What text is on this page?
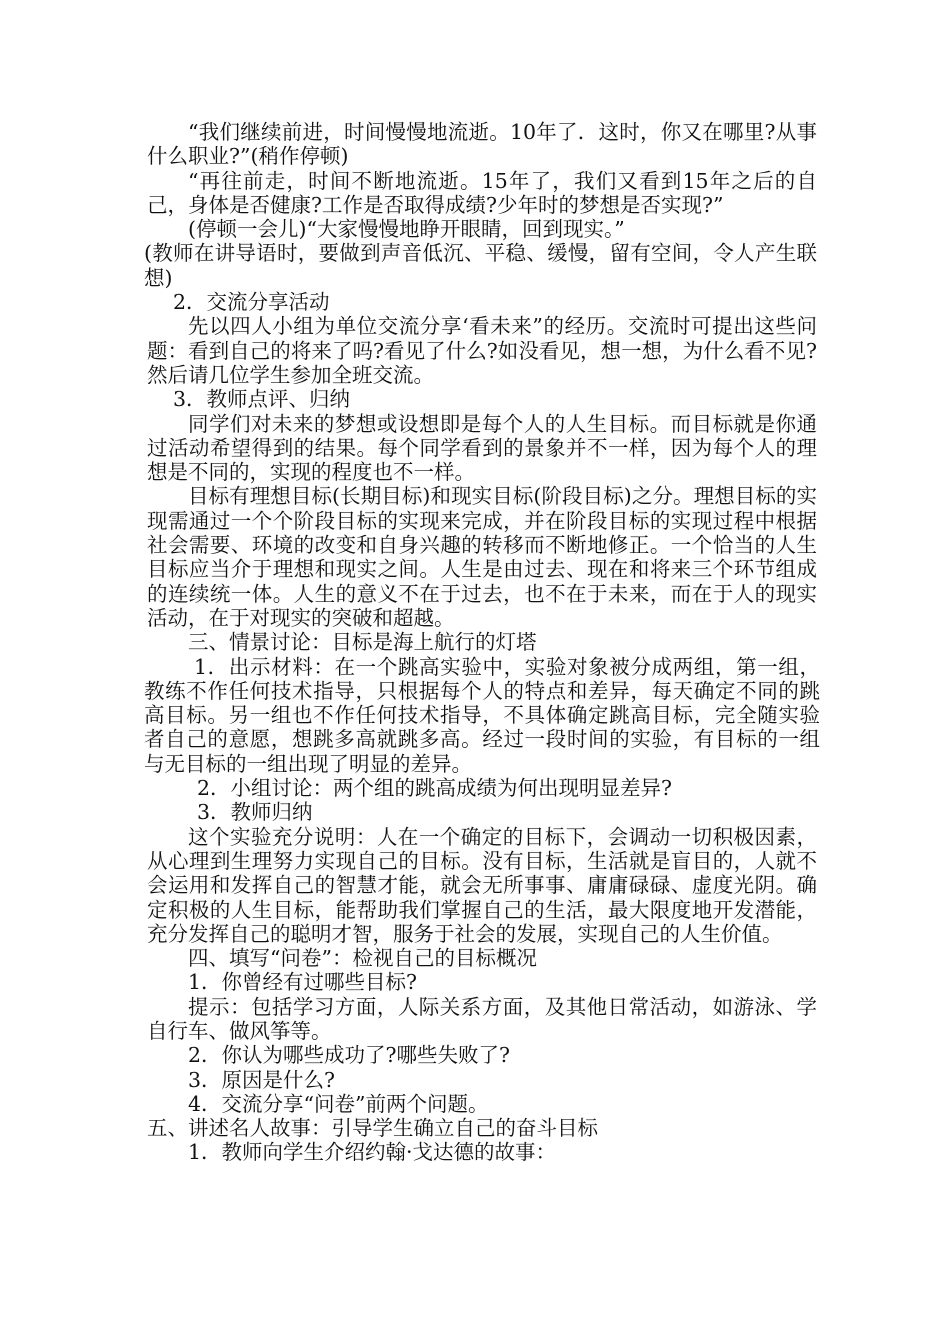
“我们继续前进，时间慢慢地流逝。10年了．这时，你又在哪里?从事什么职业?”(稍作停顿)

“再往前走，时间不断地流逝。15年了，我们又看到15年之后的自己，身体是否健康?工作是否取得成绩?少年时的梦想是否实现?”

(停顿一会儿)“大家慢慢地睁开眼睛，回到现实。”

(教师在讲导语时，要做到声音低沉、平稳、缓慢，留有空间，令人产生联想)

2．交流分享活动

先以四人小组为单位交流分享‘看未来”的经历。交流时可提出这些问题：看到自己的将来了吗?看见了什么?如没看见，想一想，为什么看不见?然后请几位学生参加全班交流。

3．教师点评、归纳

同学们对未来的梦想或设想即是每个人的人生目标。而目标就是你通过活动希望得到的结果。每个同学看到的景象并不一样，因为每个人的理想是不同的，实现的程度也不一样。

目标有理想目标(长期目标)和现实目标(阶段目标)之分。理想目标的实现需通过一个个阶段目标的实现来完成，并在阶段目标的实现过程中根据社会需要、环境的改变和自身兴趣的转移而不断地修正。一个恰当的人生目标应当介于理想和现实之间。人生是由过去、现在和将来三个环节组成的连续统一体。人生的意义不在于过去，也不在于未来，而在于人的现实活动，在于对现实的突破和超越。

三、情景讨论：目标是海上航行的灯塔

1．出示材料：在一个跳高实验中，实验对象被分成两组，第一组，教练不作任何技术指导，只根据每个人的特点和差异，每天确定不同的跳高目标。另一组也不作任何技术指导，不具体确定跳高目标，完全随实验者自己的意愿，想跳多高就跳多高。经过一段时间的实验，有目标的一组与无目标的一组出现了明显的差异。

2．小组讨论：两个组的跳高成绩为何出现明显差异?

3．教师归纳

这个实验充分说明：人在一个确定的目标下，会调动一切积极因素，从心理到生理努力实现自己的目标。没有目标，生活就是盲目的，人就不会运用和发挥自己的智慧才能，就会无所事事、庸庸碌碌、虚度光阴。确定积极的人生目标，能帮助我们掌握自己的生活，最大限度地开发潜能，充分发挥自己的聪明才智，服务于社会的发展，实现自己的人生价值。

四、填写“问卷”：检视自己的目标概况

1．你曾经有过哪些目标?

提示：包括学习方面，人际关系方面，及其他日常活动，如游泳、学自行车、做风筝等。

2．你认为哪些成功了?哪些失败了?

3．原因是什么?

4．交流分享“问卷”前两个问题。

五、讲述名人故事：引导学生确立自己的奋斗目标

1．教师向学生介绍约翰·戈达德的故事：
